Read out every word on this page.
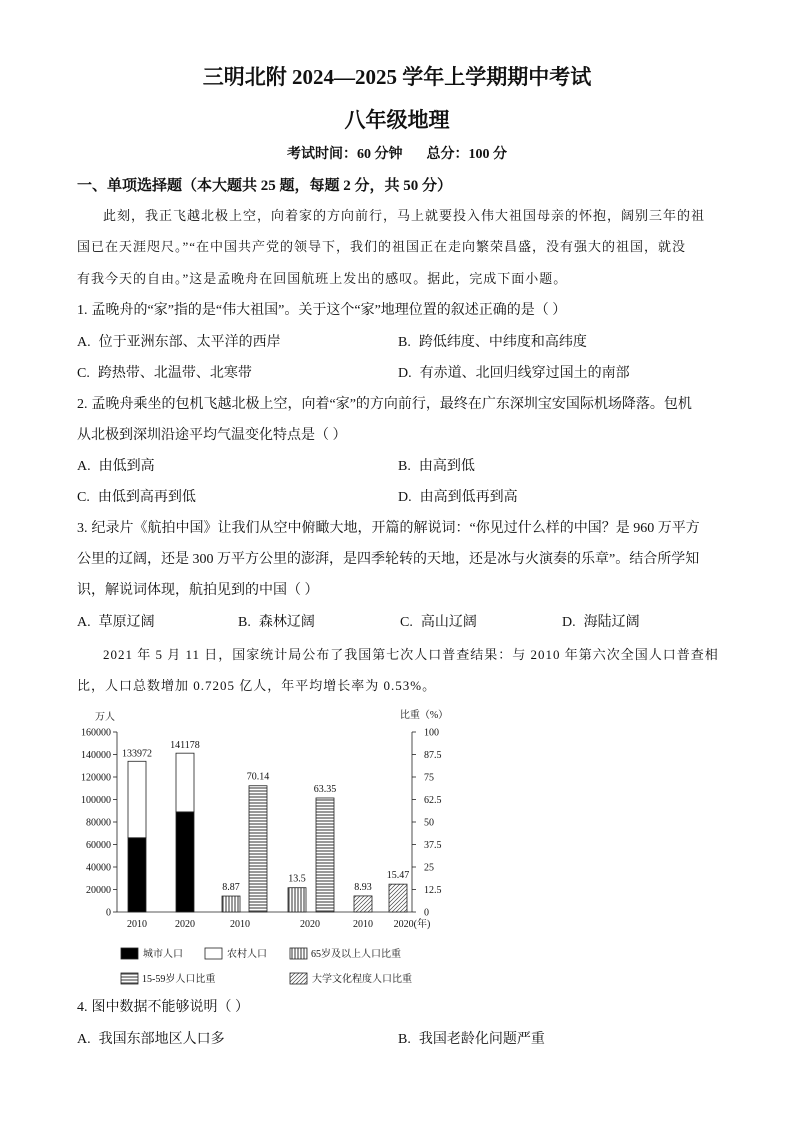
三明北附 2024—2025 学年上学期期中考试
八年级地理
考试时间：60 分钟 总分：100 分
一、单项选择题（本大题共 25 题，每题 2 分，共 50 分）
此刻，我正飞越北极上空，向着家的方向前行，马上就要投入伟大祖国母亲的怀抱，阔别三年的祖
国已在天涯咫尺。”“在中国共产党的领导下，我们的祖国正在走向繁荣昌盛，没有强大的祖国，就没
有我今天的自由。”这是孟晚舟在回国航班上发出的感叹。据此，完成下面小题。
1. 孟晚舟的“家”指的是“伟大祖国”。关于这个“家”地理位置的叙述正确的是（ ）
A. 位于亚洲东部、太平洋的西岸	B. 跨低纬度、中纬度和高纬度
C. 跨热带、北温带、北寒带	D. 有赤道、北回归线穿过国土的南部
2. 孟晚舟乘坐的包机飞越北极上空，向着“家”的方向前行，最终在广东深圳宝安国际机场降落。包机
从北极到深圳沿途平均气温变化特点是（ ）
A. 由低到高	B. 由高到低
C. 由低到高再到低	D. 由高到低再到高
3. 纪录片《航拍中国》让我们从空中俯瞰大地，开篇的解说词：“你见过什么样的中国？是 960 万平方
公里的辽阔，还是 300 万平方公里的澎湃，是四季轮转的天地，还是冰与火演奏的乐章”。结合所学知
识，解说词体现，航拍见到的中国（ ）
A. 草原辽阔	B. 森林辽阔	C. 高山辽阔	D. 海陆辽阔
2021 年 5 月 11 日，国家统计局公布了我国第七次人口普查结果：与 2010 年第六次全国人口普查相
比，人口总数增加 0.7205 亿人，年平均增长率为 0.53%。
万人	比重（%）
0
20000
40000
60000
80000
100000
120000
140000
160000
0
12.5
25
37.5
50
62.5
75
87.5
100
133972
141178
8.87
13.5
70.14
63.35
8.93
15.47
2010	2020	2010	2020	2010 2020(年)
城市人口	农村人口	65岁及以上人口比重
15-59岁人口比重	大学文化程度人口比重
4. 图中数据不能够说明（ ）
A. 我国东部地区人口多	B. 我国老龄化问题严重
